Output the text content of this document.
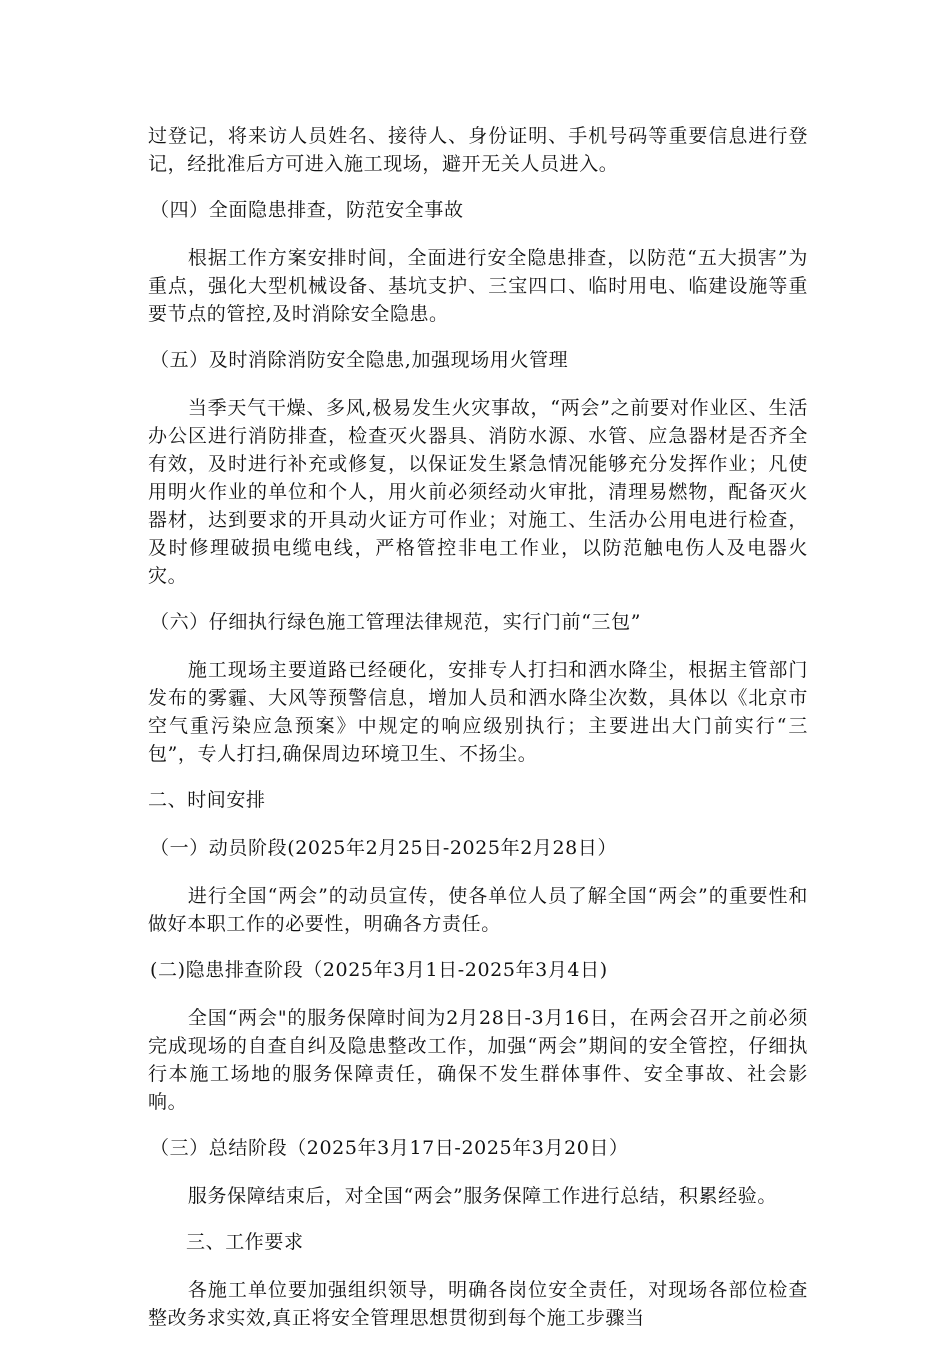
过登记，将来访人员姓名、接待人、身份证明、手机号码等重要信息进行登记，经批准后方可进入施工现场，避开无关人员进入。

（四）全面隐患排查，防范安全事故

根据工作方案安排时间，全面进行安全隐患排查，以防范“五大损害”为重点，强化大型机械设备、基坑支护、三宝四口、临时用电、临建设施等重要节点的管控,及时消除安全隐患。

（五）及时消除消防安全隐患,加强现场用火管理

当季天气干燥、多风,极易发生火灾事故，“两会”之前要对作业区、生活办公区进行消防排查，检查灭火器具、消防水源、水管、应急器材是否齐全有效，及时进行补充或修复，以保证发生紧急情况能够充分发挥作业；凡使用明火作业的单位和个人，用火前必须经动火审批，清理易燃物，配备灭火器材，达到要求的开具动火证方可作业；对施工、生活办公用电进行检查，及时修理破损电缆电线，严格管控非电工作业，以防范触电伤人及电器火灾。

（六）仔细执行绿色施工管理法律规范，实行门前“三包”

施工现场主要道路已经硬化，安排专人打扫和洒水降尘，根据主管部门发布的雾霾、大风等预警信息，增加人员和洒水降尘次数，具体以《北京市空气重污染应急预案》中规定的响应级别执行；主要进出大门前实行“三包”，专人打扫,确保周边环境卫生、不扬尘。

二、时间安排

（一）动员阶段(2025年2月25日-2025年2月28日）

进行全国“两会”的动员宣传，使各单位人员了解全国“两会”的重要性和做好本职工作的必要性，明确各方责任。

(二)隐患排查阶段（2025年3月1日-2025年3月4日)

全国“两会"的服务保障时间为2月28日-3月16日，在两会召开之前必须完成现场的自查自纠及隐患整改工作，加强“两会”期间的安全管控，仔细执行本施工场地的服务保障责任，确保不发生群体事件、安全事故、社会影响。

（三）总结阶段（2025年3月17日-2025年3月20日）

服务保障结束后，对全国“两会”服务保障工作进行总结，积累经验。

三、工作要求

各施工单位要加强组织领导，明确各岗位安全责任，对现场各部位检查整改务求实效,真正将安全管理思想贯彻到每个施工步骤当
